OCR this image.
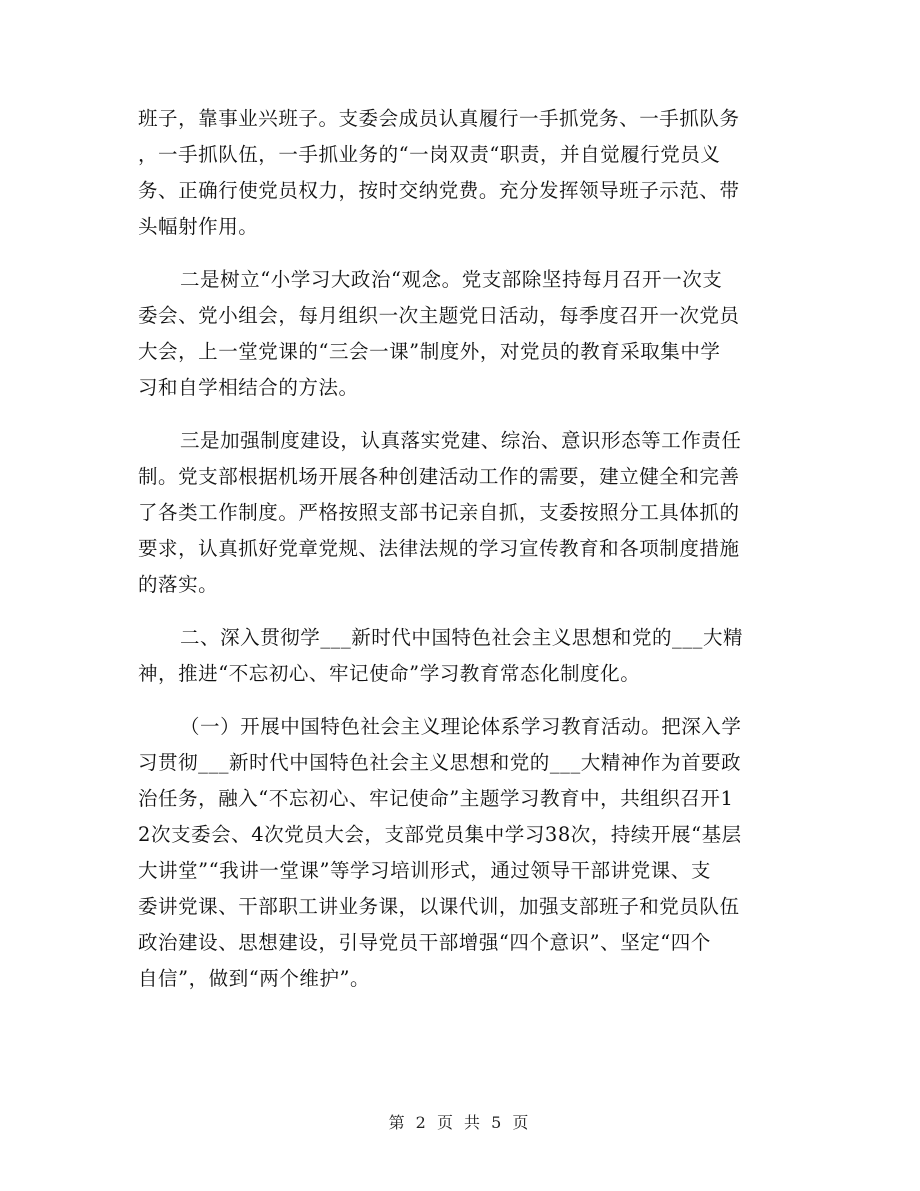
班子，靠事业兴班子。支委会成员认真履行一手抓党务、一手抓队务
，一手抓队伍，一手抓业务的“一岗双责“职责，并自觉履行党员义
务、正确行使党员权力，按时交纳党费。充分发挥领导班子示范、带
头幅射作用。
二是树立“小学习大政治“观念。党支部除坚持每月召开一次支
委会、党小组会，每月组织一次主题党日活动，每季度召开一次党员
大会，上一堂党课的“三会一课”制度外，对党员的教育采取集中学
习和自学相结合的方法。
三是加强制度建设，认真落实党建、综治、意识形态等工作责任
制。党支部根据机场开展各种创建活动工作的需要，建立健全和完善
了各类工作制度。严格按照支部书记亲自抓，支委按照分工具体抓的
要求，认真抓好党章党规、法律法规的学习宣传教育和各项制度措施
的落实。
二、深入贯彻学___新时代中国特色社会主义思想和党的___大精
神，推进“不忘初心、牢记使命”学习教育常态化制度化。
（一）开展中国特色社会主义理论体系学习教育活动。把深入学
习贯彻___新时代中国特色社会主义思想和党的___大精神作为首要政
治任务，融入“不忘初心、牢记使命”主题学习教育中，共组织召开1
2次支委会、4次党员大会，支部党员集中学习38次，持续开展“基层
大讲堂”“我讲一堂课”等学习培训形式，通过领导干部讲党课、支
委讲党课、干部职工讲业务课，以课代训，加强支部班子和党员队伍
政治建设、思想建设，引导党员干部增强“四个意识”、坚定“四个
自信”，做到“两个维护”。
第 2 页 共 5 页
